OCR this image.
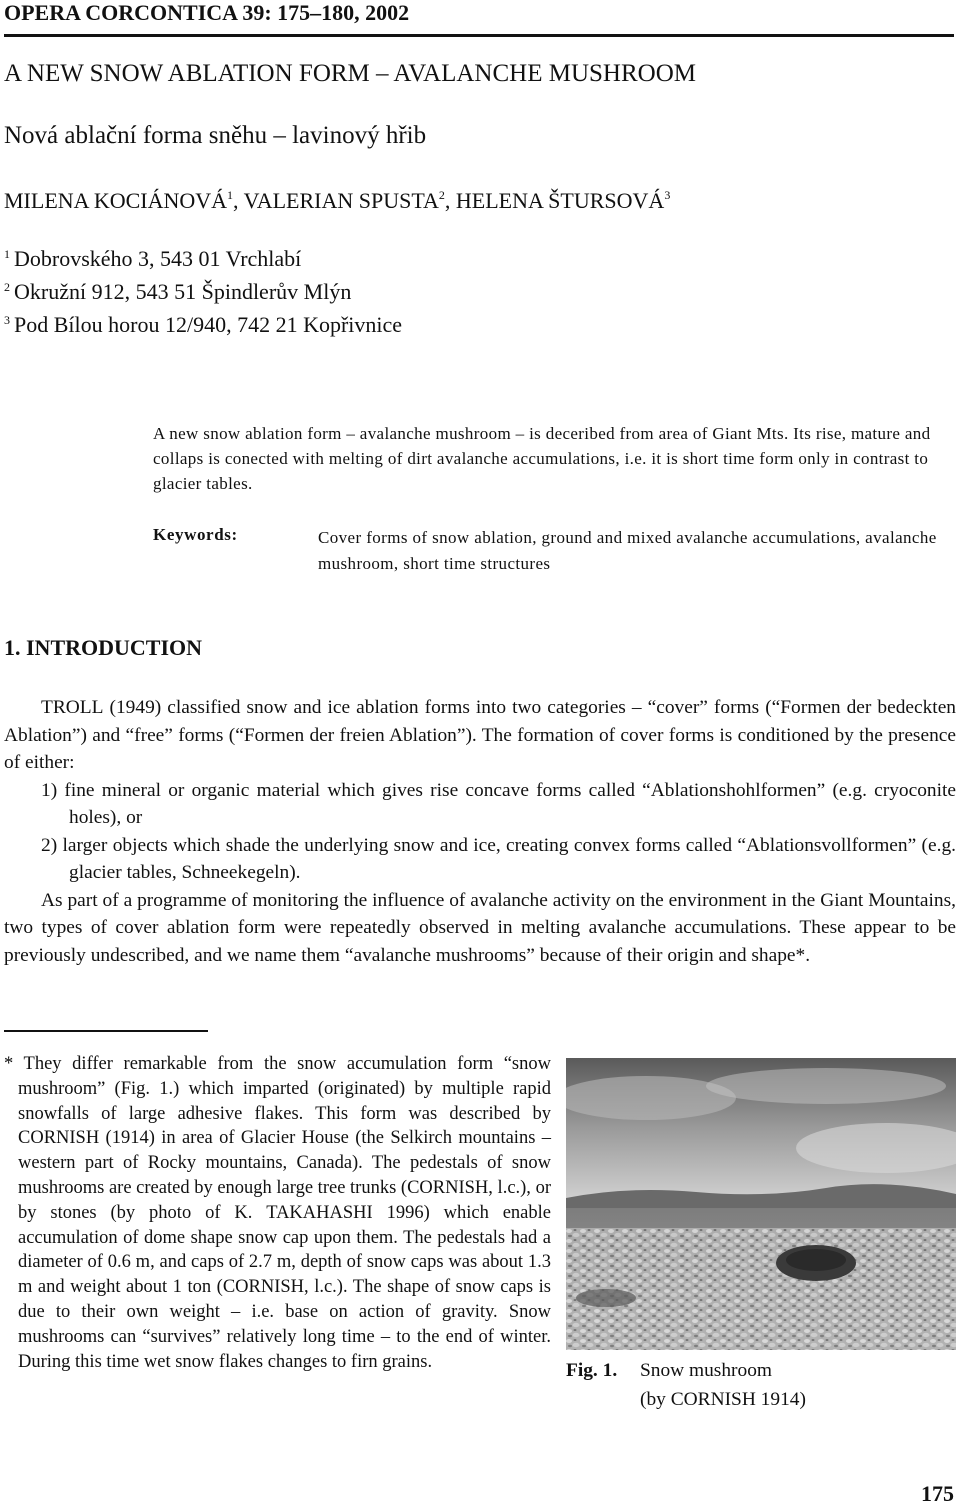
OPERA CORCONTICA 39: 175–180, 2002
A NEW SNOW ABLATION FORM – AVALANCHE MUSHROOM
Nová ablační forma sněhu – lavinový hřib
MILENA KOCIÁNOVÁ$^1$, VALERIAN SPUSTA$^2$, HELENA ŠTURSOVÁ$^3$
$^1$ Dobrovského 3, 543 01 Vrchlabí
$^2$ Okružní 912, 543 51 Špindlerův Mlýn
$^3$ Pod Bílou horou 12/940, 742 21 Kopřivnice
A new snow ablation form – avalanche mushroom – is deceribed from area of Giant Mts. Its rise, mature and collaps is conected with melting of dirt avalanche accumulations, i.e. it is short time form only in contrast to glacier tables.
Keywords:	Cover forms of snow ablation, ground and mixed avalanche accumulations, avalanche mushroom, short time structures
1. INTRODUCTION

TROLL (1949) classified snow and ice ablation forms into two categories – “cover” forms (“Formen der bedeckten Ablation”) and “free” forms (“Formen der freien Ablation”). The formation of cover forms is conditioned by the presence of either:

1) fine mineral or organic material which gives rise concave forms called “Ablationshohlformen” (e.g. cryoconite holes), or

2) larger objects which shade the underlying snow and ice, creating convex forms called “Ablationsvollformen” (e.g. glacier tables, Schneekegeln).

As part of a programme of monitoring the influence of avalanche activity on the environment in the Giant Mountains, two types of cover ablation form were repeatedly observed in melting avalanche accumulations. These appear to be previously undescribed, and we name them “avalanche mushrooms” because of their origin and shape*.

* They differ remarkable from the snow accumulation form “snow mushroom” (Fig. 1.) which imparted (originated) by multiple rapid snowfalls of large adhesive flakes. This form was described by CORNISH (1914) in area of Glacier House (the Selkirch mountains – western part of Rocky mountains, Canada). The pedestals of snow mushrooms are created by enough large tree trunks (CORNISH, l.c.), or by stones (by photo of K. TAKAHASHI 1996) which enable accumulation of dome shape snow cap upon them. The pedestals had a diameter of 0.6 m, and caps of 2.7 m, depth of snow caps was about 1.3 m and weight about 1 ton (CORNISH, l.c.). The shape of snow caps is due to their own weight – i.e. base on action of gravity. Snow mushrooms can “survives” relatively long time – to the end of winter. During this time wet snow flakes changes to firn grains.	Fig. 1. Snow mushroom
(by CORNISH 1914)
175
